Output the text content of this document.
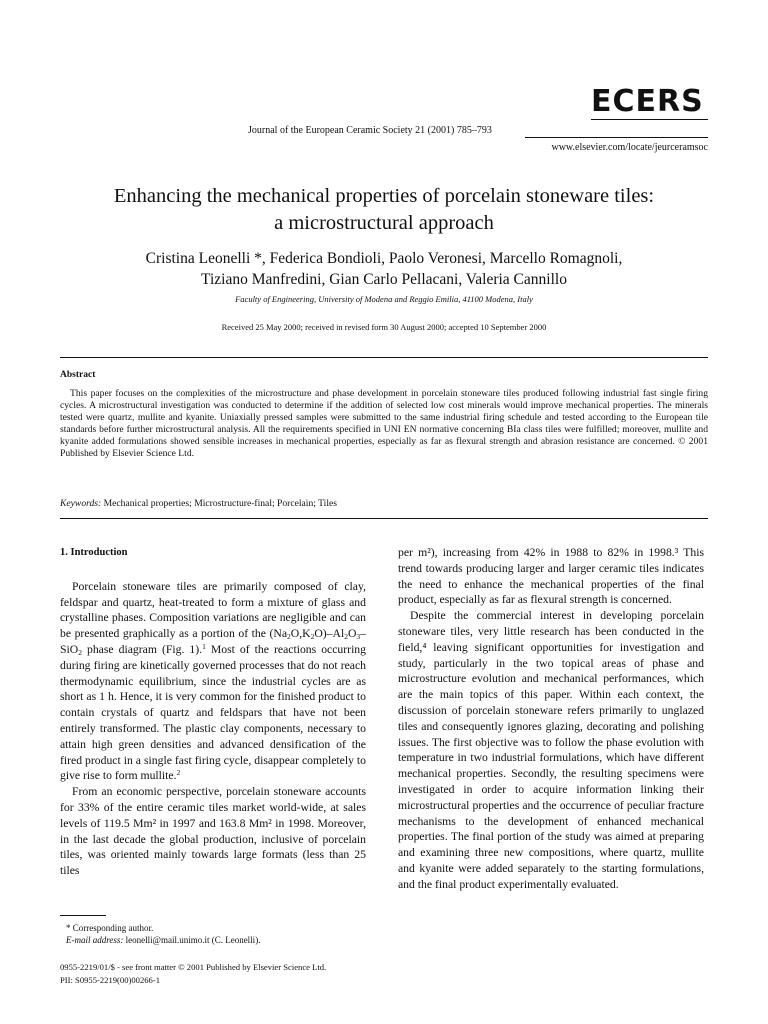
ECERS
Journal of the European Ceramic Society 21 (2001) 785–793
www.elsevier.com/locate/jeurceramsoc
Enhancing the mechanical properties of porcelain stoneware tiles:
a microstructural approach
Cristina Leonelli *, Federica Bondioli, Paolo Veronesi, Marcello Romagnoli,
Tiziano Manfredini, Gian Carlo Pellacani, Valeria Cannillo
Faculty of Engineering, University of Modena and Reggio Emilia, 41100 Modena, Italy
Received 25 May 2000; received in revised form 30 August 2000; accepted 10 September 2000
Abstract
This paper focuses on the complexities of the microstructure and phase development in porcelain stoneware tiles produced following industrial fast single firing cycles. A microstructural investigation was conducted to determine if the addition of selected low cost minerals would improve mechanical properties. The minerals tested were quartz, mullite and kyanite. Uniaxially pressed samples were submitted to the same industrial firing schedule and tested according to the European tile standards before further microstructural analysis. All the requirements specified in UNI EN normative concerning BIa class tiles were fulfilled; moreover, mullite and kyanite added formulations showed sensible increases in mechanical properties, especially as far as flexural strength and abrasion resistance are concerned. © 2001 Published by Elsevier Science Ltd.
Keywords: Mechanical properties; Microstructure-final; Porcelain; Tiles

1. Introduction

Porcelain stoneware tiles are primarily composed of clay, feldspar and quartz, heat-treated to form a mixture of glass and crystalline phases. Composition variations are negligible and can be presented graphically as a portion of the $(Na_2O,K_2O)-Al_2O_3-SiO_2$ phase diagram (Fig. 1).$^1$ Most of the reactions occurring during firing are kinetically governed processes that do not reach thermodynamic equilibrium, since the industrial cycles are as short as 1 h. Hence, it is very common for the finished product to contain crystals of quartz and feldspars that have not been entirely transformed. The plastic clay components, necessary to attain high green densities and advanced densification of the fired product in a single fast firing cycle, disappear completely to give rise to form mullite.$^2$

From an economic perspective, porcelain stoneware accounts for 33% of the entire ceramic tiles market world-wide, at sales levels of 119.5 Mm² in 1997 and 163.8 Mm² in 1998. Moreover, in the last decade the global production, inclusive of porcelain tiles, was oriented mainly towards large formats (less than 25 tiles

per m²), increasing from 42% in 1988 to 82% in 1998.³ This trend towards producing larger and larger ceramic tiles indicates the need to enhance the mechanical properties of the final product, especially as far as flexural strength is concerned.

Despite the commercial interest in developing porcelain stoneware tiles, very little research has been conducted in the field,⁴ leaving significant opportunities for investigation and study, particularly in the two topical areas of phase and microstructure evolution and mechanical performances, which are the main topics of this paper. Within each context, the discussion of porcelain stoneware refers primarily to unglazed tiles and consequently ignores glazing, decorating and polishing issues. The first objective was to follow the phase evolution with temperature in two industrial formulations, which have different mechanical properties. Secondly, the resulting specimens were investigated in order to acquire information linking their microstructural properties and the occurrence of peculiar fracture mechanisms to the development of enhanced mechanical properties. The final portion of the study was aimed at preparing and examining three new compositions, where quartz, mullite and kyanite were added separately to the starting formulations, and the final product experimentally evaluated.

* Corresponding author.
E-mail address: leonelli@mail.unimo.it (C. Leonelli).
0955-2219/01/$ - see front matter © 2001 Published by Elsevier Science Ltd.
PII: S0955-2219(00)00266-1
